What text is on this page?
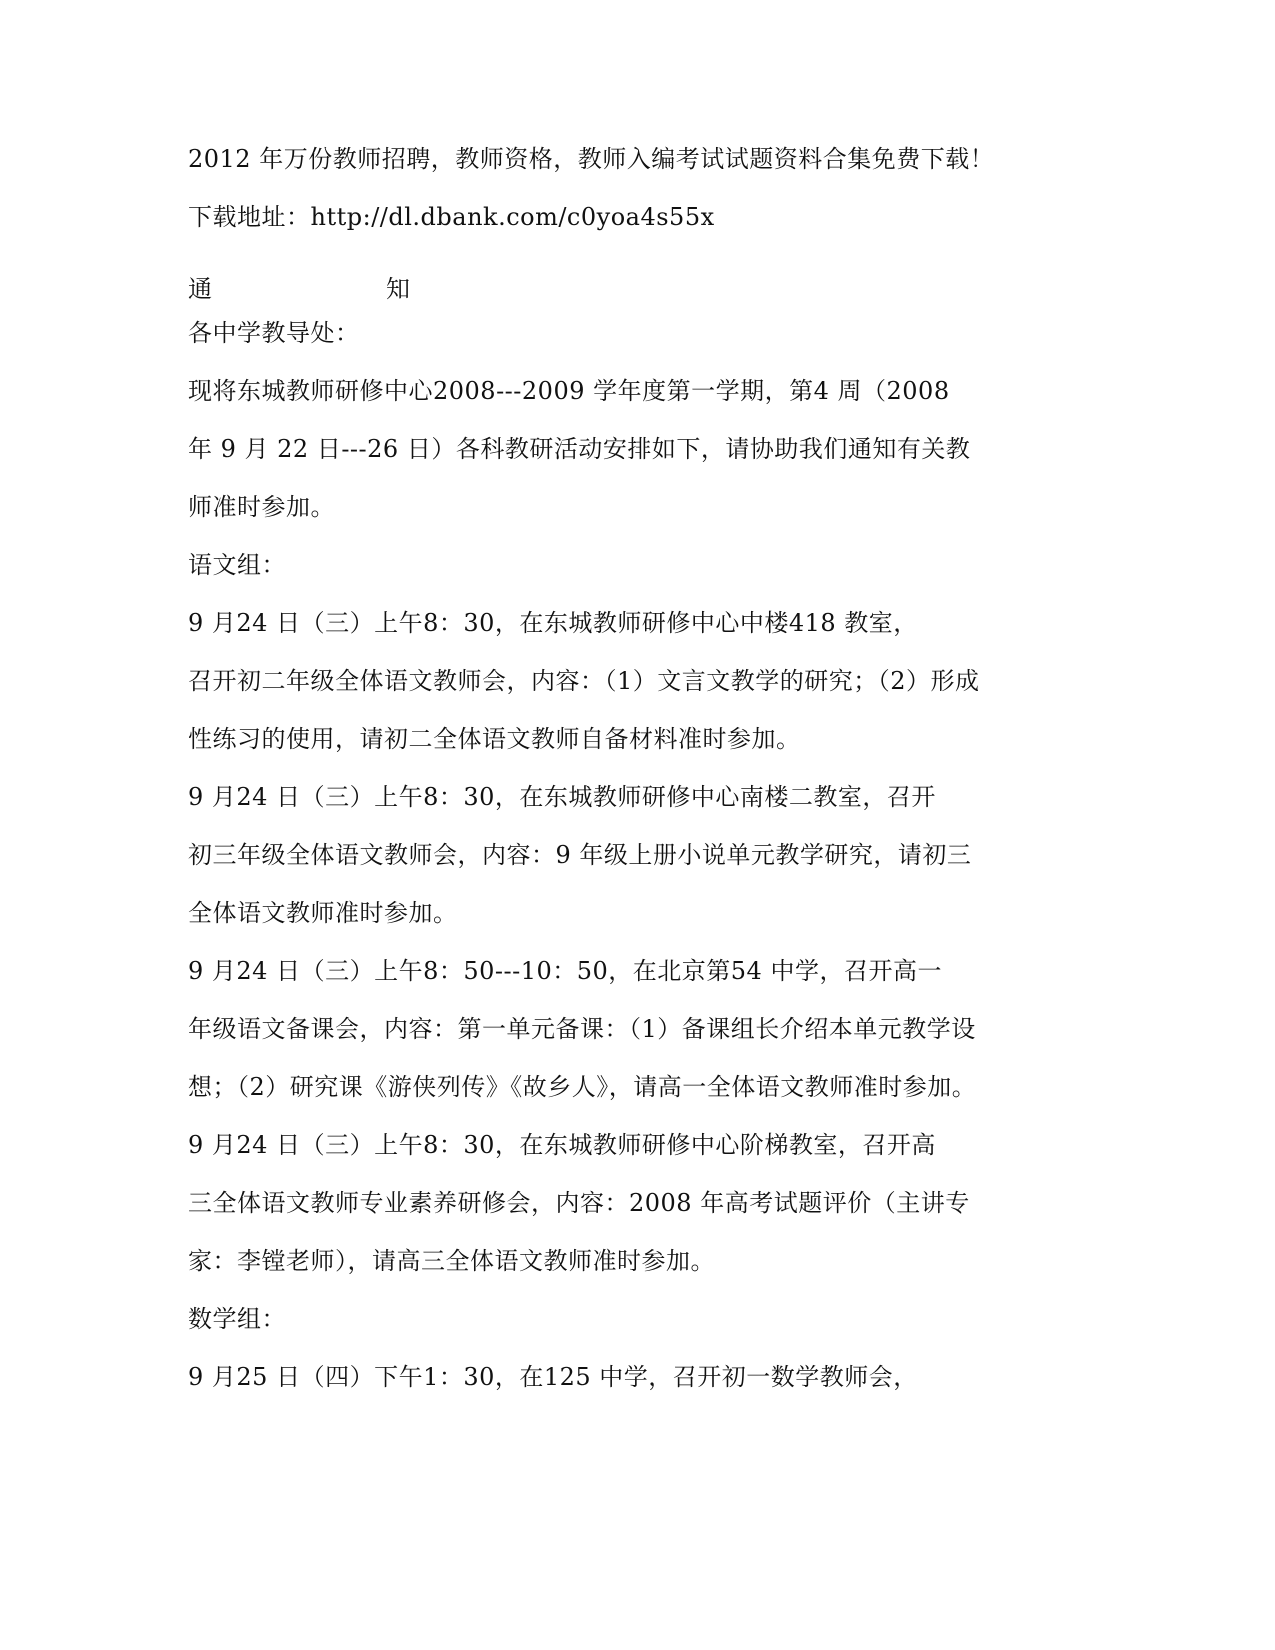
2012 年万份教师招聘，教师资格，教师入编考试试题资料合集免费下载！
下载地址：http://dl.dbank.com/c0yoa4s55x
通	知
各中学教导处：
现将东城教师研修中心2008---2009 学年度第一学期，第4 周（2008
年 9 月 22 日---26 日）各科教研活动安排如下，请协助我们通知有关教
师准时参加。
语文组：
9 月24 日（三）上午8：30，在东城教师研修中心中楼418 教室，
召开初二年级全体语文教师会，内容：（1）文言文教学的研究；（2）形成
性练习的使用，请初二全体语文教师自备材料准时参加。
9 月24 日（三）上午8：30，在东城教师研修中心南楼二教室，召开
初三年级全体语文教师会，内容：9 年级上册小说单元教学研究，请初三
全体语文教师准时参加。
9 月24 日（三）上午8：50---10：50，在北京第54 中学，召开高一
年级语文备课会，内容：第一单元备课：（1）备课组长介绍本单元教学设
想；（2）研究课《游侠列传》《故乡人》，请高一全体语文教师准时参加。
9 月24 日（三）上午8：30，在东城教师研修中心阶梯教室，召开高
三全体语文教师专业素养研修会，内容：2008 年高考试题评价（主讲专
家：李镗老师），请高三全体语文教师准时参加。
数学组：
9 月25 日（四）下午1：30，在125 中学，召开初一数学教师会，
